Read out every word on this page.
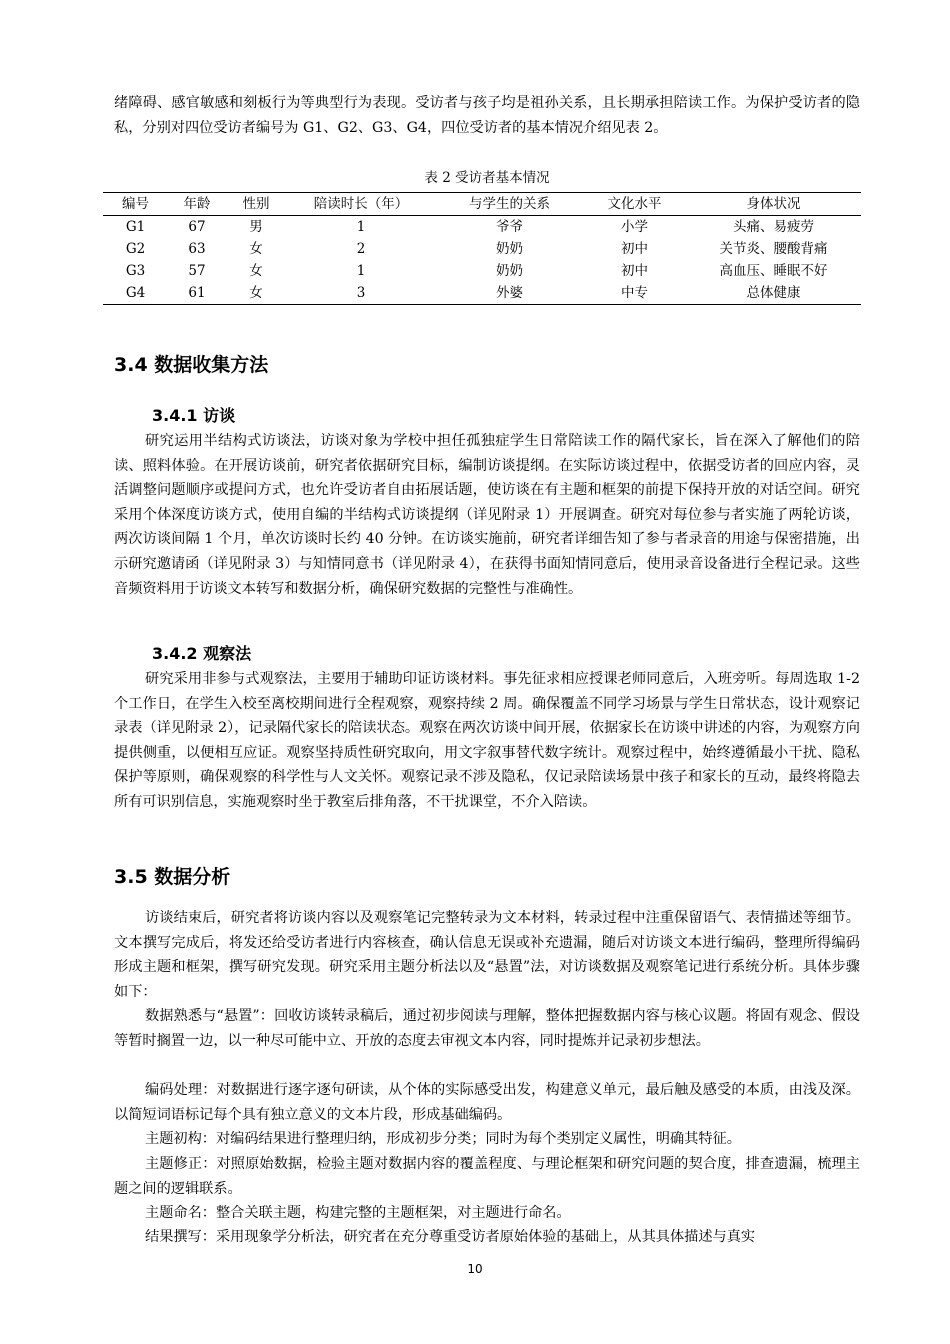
绪障碍、感官敏感和刻板行为等典型行为表现。受访者与孩子均是祖孙关系，且长期承担陪读工作。为保护受访者的隐私，分别对四位受访者编号为 G1、G2、G3、G4，四位受访者的基本情况介绍见表 2。

表 2 受访者基本情况
编号	年龄	性别	陪读时长（年）	与学生的关系	文化水平	身体状况
G1	67	男	1	爷爷	小学	头痛、易疲劳
G2	63	女	2	奶奶	初中	关节炎、腰酸背痛
G3	57	女	1	奶奶	初中	高血压、睡眠不好
G4	61	女	3	外婆	中专	总体健康
3.4 数据收集方法
3.4.1 访谈

研究运用半结构式访谈法，访谈对象为学校中担任孤独症学生日常陪读工作的隔代家长，旨在深入了解他们的陪读、照料体验。在开展访谈前，研究者依据研究目标，编制访谈提纲。在实际访谈过程中，依据受访者的回应内容，灵活调整问题顺序或提问方式，也允许受访者自由拓展话题，使访谈在有主题和框架的前提下保持开放的对话空间。研究采用个体深度访谈方式，使用自编的半结构式访谈提纲（详见附录 1）开展调查。研究对每位参与者实施了两轮访谈，两次访谈间隔 1 个月，单次访谈时长约 40 分钟。在访谈实施前，研究者详细告知了参与者录音的用途与保密措施，出示研究邀请函（详见附录 3）与知情同意书（详见附录 4），在获得书面知情同意后，使用录音设备进行全程记录。这些音频资料用于访谈文本转写和数据分析，确保研究数据的完整性与准确性。

3.4.2 观察法

研究采用非参与式观察法，主要用于辅助印证访谈材料。事先征求相应授课老师同意后，入班旁听。每周选取 1-2 个工作日，在学生入校至离校期间进行全程观察，观察持续 2 周。确保覆盖不同学习场景与学生日常状态，设计观察记录表（详见附录 2），记录隔代家长的陪读状态。观察在两次访谈中间开展，依据家长在访谈中讲述的内容，为观察方向提供侧重，以便相互应证。观察坚持质性研究取向，用文字叙事替代数字统计。观察过程中，始终遵循最小干扰、隐私保护等原则，确保观察的科学性与人文关怀。观察记录不涉及隐私，仅记录陪读场景中孩子和家长的互动，最终将隐去所有可识别信息，实施观察时坐于教室后排角落，不干扰课堂，不介入陪读。

3.5 数据分析

访谈结束后，研究者将访谈内容以及观察笔记完整转录为文本材料，转录过程中注重保留语气、表情描述等细节。文本撰写完成后，将发还给受访者进行内容核查，确认信息无误或补充遗漏，随后对访谈文本进行编码，整理所得编码形成主题和框架，撰写研究发现。研究采用主题分析法以及“悬置”法，对访谈数据及观察笔记进行系统分析。具体步骤如下：

数据熟悉与“悬置”：回收访谈转录稿后，通过初步阅读与理解，整体把握数据内容与核心议题。将固有观念、假设等暂时搁置一边，以一种尽可能中立、开放的态度去审视文本内容，同时提炼并记录初步想法。

编码处理：对数据进行逐字逐句研读，从个体的实际感受出发，构建意义单元，最后触及感受的本质，由浅及深。以简短词语标记每个具有独立意义的文本片段，形成基础编码。

主题初构：对编码结果进行整理归纳，形成初步分类；同时为每个类别定义属性，明确其特征。

主题修正：对照原始数据，检验主题对数据内容的覆盖程度、与理论框架和研究问题的契合度，排查遗漏，梳理主题之间的逻辑联系。

主题命名：整合关联主题，构建完整的主题框架，对主题进行命名。

结果撰写：采用现象学分析法，研究者在充分尊重受访者原始体验的基础上，从其具体描述与真实

10
